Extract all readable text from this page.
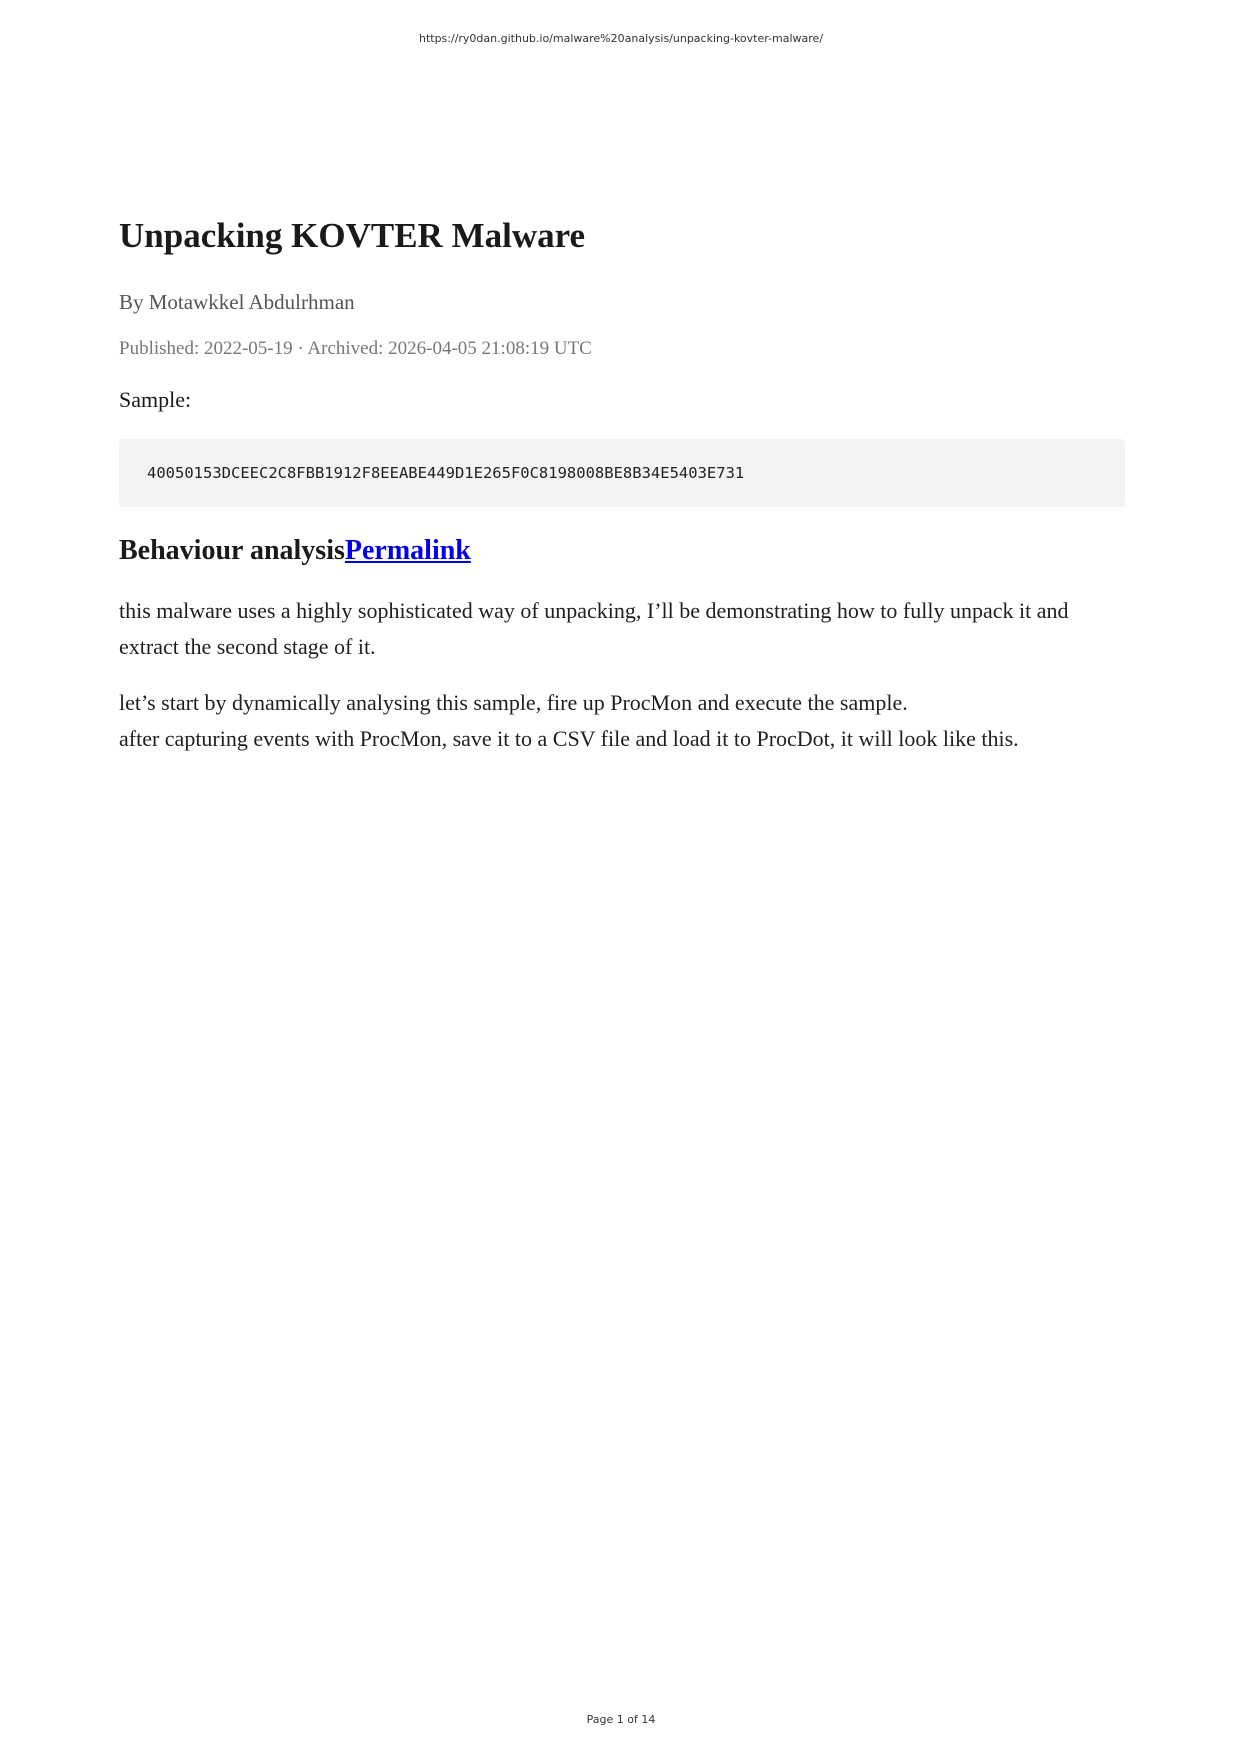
https://ry0dan.github.io/malware%20analysis/unpacking-kovter-malware/
Unpacking KOVTER Malware
By Motawkkel Abdulrhman
Published: 2022-05-19 · Archived: 2026-04-05 21:08:19 UTC
Sample:
40050153DCEEC2C8FBB1912F8EEABE449D1E265F0C8198008BE8B34E5403E731
Behaviour analysisPermalink

this malware uses a highly sophisticated way of unpacking, I’ll be demonstrating how to fully unpack it and extract the second stage of it.

let’s start by dynamically analysing this sample, fire up ProcMon and execute the sample.
after capturing events with ProcMon, save it to a CSV file and load it to ProcDot, it will look like this.

Page 1 of 14
